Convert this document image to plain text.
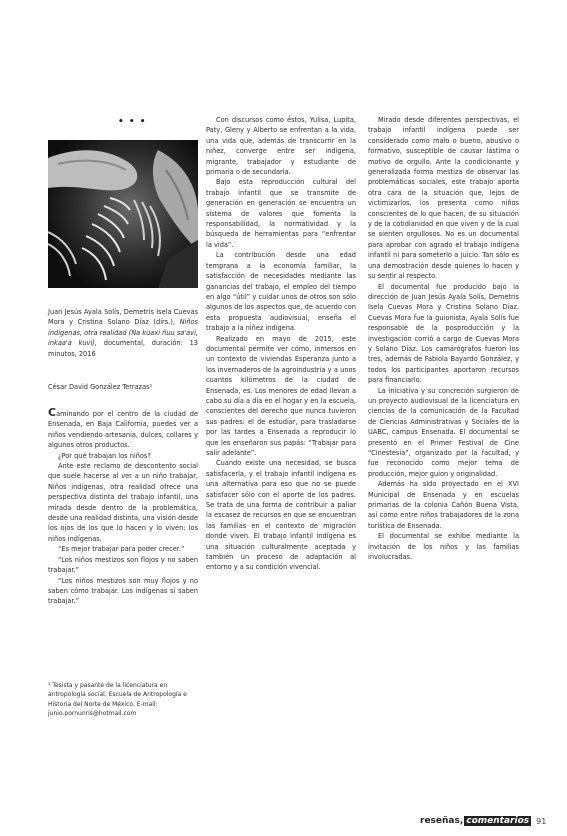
• • •

Juan Jesús Ayala Solís, Demetris Isela Cuevas Mora y Cristina Solano Díaz (dirs.), Niños indígenas, otra realidad (Na kuaxi ñuu sa'avi, inkaa'a kuvi), documental, duración: 13 minutos, 2016

César David González Terrazas¹

Caminando por el centro de la ciudad de Ensenada, en Baja California, puedes ver a niños vendiendo artesanía, dulces, collares y algunos otros productos.

¿Por qué trabajan los niños?

Ante este reclamo de descontento social que suele hacerse al ver a un niño trabajar, Niños indígenas, otra realidad ofrece una perspectiva distinta del trabajo infantil, una mirada desde dentro de la problemática, desde una realidad distinta, una visión desde los ojos de los que lo hacen y lo viven: los niños indígenas.

“Es mejor trabajar para poder crecer.”

“Los niños mestizos son flojos y no saben trabajar.”

“Los niños mestizos son muy flojos y no saben cómo trabajar. Los indígenas sí saben trabajar.”

¹ Tesista y pasante de la licenciatura en antropología social, Escuela de Antropología e Historia del Norte de México. E-mail: junio.pornunris@hotmail.com

Con discursos como éstos, Yulisa, Lupita, Paty, Gleny y Alberto se enfrentan a la vida, una vida que, además de transcurrir en la niñez, converge entre ser indígena, migrante, trabajador y estudiante de primaria o de secundaria.

Bajo esta reproducción cultural del trabajo infantil que se transmite de generación en generación se encuentra un sistema de valores que fomenta la responsabilidad, la normatividad y la búsqueda de herramientas para “enfrentar la vida”.

La contribución desde una edad temprana a la economía familiar, la satisfacción de necesidades mediante las ganancias del trabajo, el empleo del tiempo en algo “útil” y cuidar unos de otros son sólo algunos de los aspectos que, de acuerdo con esta propuesta audiovisual, enseña el trabajo a la niñez indígena.

Realizado en mayo de 2015, este documental permite ver cómo, inmersos en un contexto de viviendas Esperanza junto a los invernaderos de la agroindustria y a unos cuantos kilómetros de la ciudad de Ensenada, es. Los menores de edad llevan a cabo su día a día en el hogar y en la escuela, conscientes del derecho que nunca tuvieron sus padres: el de estudiar, para trasladarse por las tardes a Ensenada a reproducir lo que les enseñaron sus papás: “Trabajar para salir adelante”.

Cuando existe una necesidad, se busca satisfacerla, y el trabajo infantil indígena es una alternativa para eso que no se puede satisfacer sólo con el aporte de los padres. Se trata de una forma de contribuir a paliar la escasez de recursos en que se encuentran las familias en el contexto de migración donde viven. El trabajo infantil indígena es una situación culturalmente aceptada y también un proceso de adaptación al entorno y a su condición vivencial.

Mirado desde diferentes perspectivas, el trabajo infantil indígena puede ser considerado como malo o bueno, abusivo o formativo, susceptible de causar lástima o motivo de orgullo. Ante la condicionante y generalizada forma mestiza de observar las problemáticas sociales, este trabajo aporta otra cara de la situación que, lejos de victimizarlos, los presenta como niños conscientes de lo que hacen, de su situación y de la cotidianidad en que viven y de la cual se sienten orgullosos. No es un documental para aprobar con agrado el trabajo indígena infantil ni para someterlo a juicio. Tan sólo es una demostración desde quienes lo hacen y su sentir al respecto.

El documental fue producido bajo la dirección de Juan Jesús Ayala Solís, Demetris Isela Cuevas Mora y Cristina Solano Díaz. Cuevas Mora fue la guionista, Ayala Solís fue responsable de la posproducción y la investigación corrió a cargo de Cuevas Mora y Solano Díaz. Los camarógrafos fueron los tres, además de Fabiola Bayardo González, y todos los participantes aportaron recursos para financiarlo.

La iniciativa y su concreción surgieron de un proyecto audiovisual de la licenciatura en ciencias de la comunicación de la Facultad de Ciencias Administrativas y Sociales de la UABC, campus Ensenada. El documental se presentó en el Primer Festival de Cine “Cinestesia”, organizado por la facultad, y fue reconocido como mejor tema de producción, mejor guion y originalidad.

Además ha sido proyectado en el XVI Municipal de Ensenada y en escuelas primarias de la colonia Cañón Buena Vista, así como entre niños trabajadores de la zona turística de Ensenada.

El documental se exhibe mediante la invitación de los niños y las familias involucradas.

reseñas, comentarios 91
